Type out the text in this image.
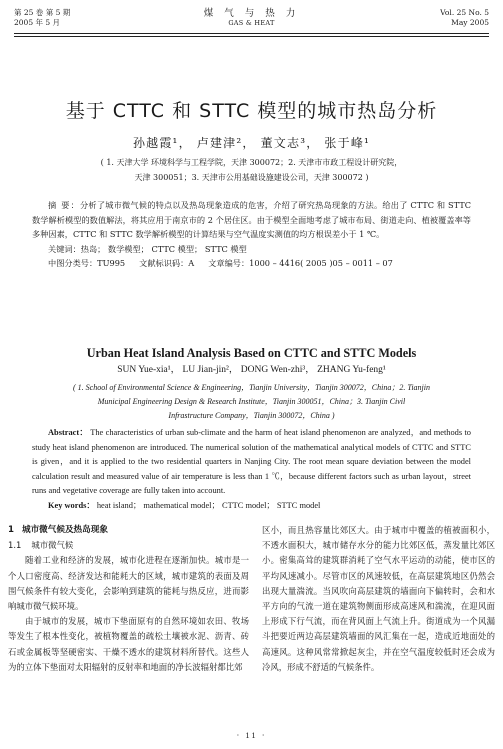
第 25 卷 第 5 期
2005 年 5 月
煤 气 与 热 力
GAS & HEAT
Vol. 25 No. 5
May 2005
基于 CTTC 和 STTC 模型的城市热岛分析
孙越霞¹， 卢建津²， 董文志³， 张于峰¹
( 1. 天津大学 环境科学与工程学院，天津 300072；2. 天津市市政工程设计研究院，
天津 300051；3. 天津市公用基础设施建设公司，天津 300072 )

摘 要：分析了城市微气候的特点以及热岛现象造成的危害，介绍了研究热岛现象的方法。给出了 CTTC 和 STTC 数学解析模型的数值解法，将其应用于南京市的 2 个居住区。由于模型全面地考虑了城市布局、街道走向、植被覆盖率等多种因素，CTTC 和 STTC 数学解析模型的计算结果与空气温度实测值的均方根误差小于 1 ℃。

关键词：热岛； 数学模型； CTTC 模型； STTC 模型

中图分类号：TU995 文献标识码：A 文章编号：1000 – 4416( 2005 )05 – 0011 – 07

Urban Heat Island Analysis Based on CTTC and STTC Models
SUN Yue-xia¹， LU Jian-jin²， DONG Wen-zhi³， ZHANG Yu-feng¹
( 1. School of Environmental Science & Engineering，Tianjin University，Tianjin 300072，China；2. Tianjin
Municipal Engineering Design & Research Institute，Tianjin 300051，China；3. Tianjin Civil
Infrastructure Company，Tianjin 300072，China )

Abstract： The characteristics of urban sub-climate and the harm of heat island phenomenon are analyzed，and methods to study heat island phenomenon are introduced. The numerical solution of the mathematical analytical models of CTTC and STTC is given，and it is applied to the two residential quarters in Nanjing City. The root mean square deviation between the model calculation result and measured value of air temperature is less than 1 ℃，because different factors such as urban layout，street runs and vegetative coverage are fully taken into account.

Key words： heat island； mathematical model； CTTC model； STTC model

1 城市微气候及热岛现象

1.1 城市微气候

随着工业和经济的发展，城市化进程在逐渐加快。城市是一个人口密度高、经济发达和能耗大的区域，城市建筑的表面及周围气候条件有较大变化，会影响到建筑的能耗与热反应，进而影响城市微气候环境。

由于城市的发展，城市下垫面原有的自然环境如农田、牧场等发生了根本性变化，被植物覆盖的疏松土壤被水泥、沥青、砖石或金属板等坚硬密实、干燥不透水的建筑材料所替代。这些人为的立体下垫面对太阳辐射的反射率和地面的净长波辐射都比郊

区小，而且热容量比郊区大。由于城市中覆盖的植被面积小，不透水面积大，城市储存水分的能力比郊区低，蒸发量比郊区小。密集高耸的建筑群消耗了空气水平运动的动能，使市区的平均风速减小。尽管市区的风速较低，在高层建筑地区仍然会出现大量湍流。当风吹向高层建筑的墙面向下偏转时，会和水平方向的气流一道在建筑物侧面形成高速风和湍流，在迎风面上形成下行气流，而在背风面上气流上升。街道成为一个风漏斗把要近两边高层建筑墙面的风汇集在一起，造成近地面处的高速风。这种风常常掀起灰尘，并在空气温度较低时还会成为冷风，形成不舒适的气候条件。

· 11 ·
